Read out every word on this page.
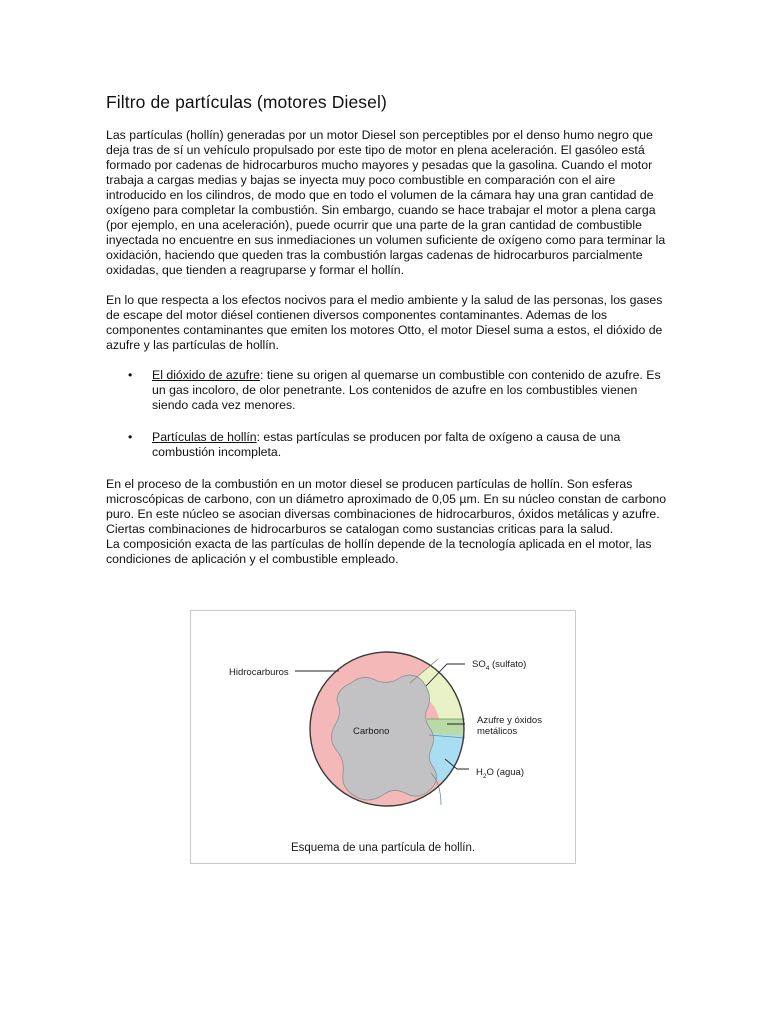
Filtro de partículas (motores Diesel)

Las partículas (hollín) generadas por un motor Diesel son perceptibles por el denso humo negro que deja tras de sí un vehículo propulsado por este tipo de motor en plena aceleración. El gasóleo está formado por cadenas de hidrocarburos mucho mayores y pesadas que la gasolina. Cuando el motor trabaja a cargas medias y bajas se inyecta muy poco combustible en comparación con el aire introducido en los cilindros, de modo que en todo el volumen de la cámara hay una gran cantidad de oxígeno para completar la combustión. Sin embargo, cuando se hace trabajar el motor a plena carga (por ejemplo, en una aceleración), puede ocurrir que una parte de la gran cantidad de combustible inyectada no encuentre en sus inmediaciones un volumen suficiente de oxígeno como para terminar la oxidación, haciendo que queden tras la combustión largas cadenas de hidrocarburos parcialmente oxidadas, que tienden a reagruparse y formar el hollín.

En lo que respecta a los efectos nocivos para el medio ambiente y la salud de las personas, los gases de escape del motor diésel contienen diversos componentes contaminantes. Ademas de los componentes contaminantes que emiten los motores Otto, el motor Diesel suma a estos, el dióxido de azufre y las partículas de hollín.

• El dióxido de azufre: tiene su origen al quemarse un combustible con contenido de azufre. Es un gas incoloro, de olor penetrante. Los contenidos de azufre en los combustibles vienen siendo cada vez menores.
• Partículas de hollín: estas partículas se producen por falta de oxígeno a causa de una combustión incompleta.

En el proceso de la combustión en un motor diesel se producen partículas de hollín. Son esferas microscópicas de carbono, con un diámetro aproximado de 0,05 µm. En su núcleo constan de carbono puro. En este núcleo se asocian diversas combinaciones de hidrocarburos, óxidos metálicas y azufre. Ciertas combinaciones de hidrocarburos se catalogan como sustancias criticas para la salud.

La composición exacta de las partículas de hollín depende de la tecnología aplicada en el motor, las condiciones de aplicación y el combustible empleado.

Hidrocarburos
Carbono
$SO_4$ (sulfato)
Azufre y óxidos
metálicos
$H_2O$ (agua)
Esquema de una partícula de hollín.
